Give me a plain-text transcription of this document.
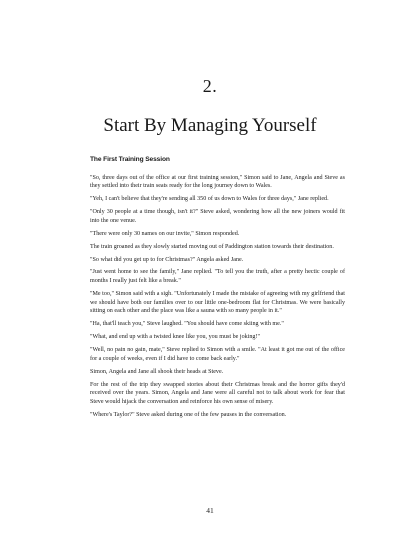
2.
Start By Managing Yourself
The First Training Session

"So, three days out of the office at our first training session," Simon said to Jane, Angela and Steve as they settled into their train seats ready for the long journey down to Wales.

"Yeh, I can't believe that they're sending all 350 of us down to Wales for three days," Jane replied.

"Only 30 people at a time though, isn't it?" Steve asked, wondering how all the new joiners would fit into the one venue.

"There were only 30 names on our invite," Simon responded.

The train groaned as they slowly started moving out of Paddington station towards their destination.

"So what did you get up to for Christmas?" Angela asked Jane.

"Just went home to see the family," Jane replied. "To tell you the truth, after a pretty hectic couple of months I really just felt like a break."

"Me too," Simon said with a sigh. "Unfortunately I made the mistake of agreeing with my girlfriend that we should have both our families over to our little one-bedroom flat for Christmas. We were basically sitting on each other and the place was like a sauna with so many people in it."

"Ha, that'll teach you," Steve laughed. "You should have come skiing with me."

"What, and end up with a twisted knee like you, you must be joking!"

"Well, no pain no gain, mate," Steve replied to Simon with a smile. "At least it got me out of the office for a couple of weeks, even if I did have to come back early."

Simon, Angela and Jane all shook their heads at Steve.

For the rest of the trip they swapped stories about their Christmas break and the horror gifts they'd received over the years. Simon, Angela and Jane were all careful not to talk about work for fear that Steve would hijack the conversation and reinforce his own sense of misery.

"Where's Taylor?" Steve asked during one of the few pauses in the conversation.

41
